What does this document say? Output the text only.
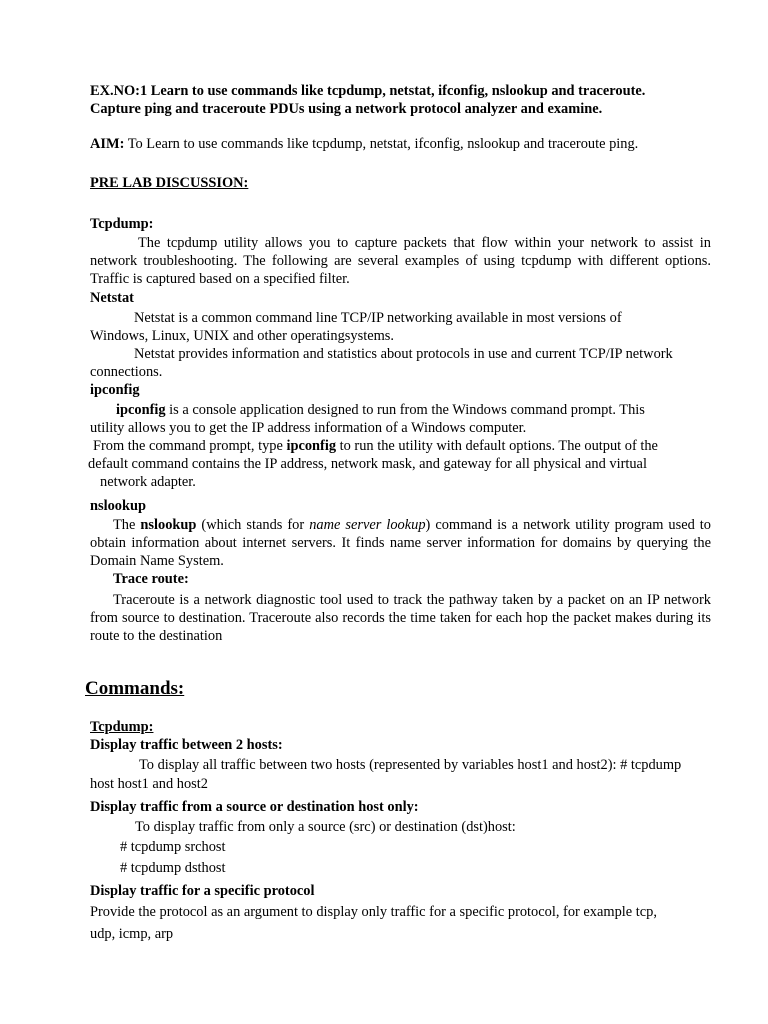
EX.NO:1 Learn to use commands like tcpdump, netstat, ifconfig, nslookup and traceroute.
Capture ping and traceroute PDUs using a network protocol analyzer and examine.
AIM: To Learn to use commands like tcpdump, netstat, ifconfig, nslookup and traceroute ping.
PRE LAB DISCUSSION:
Tcpdump:
The tcpdump utility allows you to capture packets that flow within your network to assist in network troubleshooting. The following are several examples of using tcpdump with different options. Traffic is captured based on a specified filter.
Netstat
Netstat is a common command line TCP/IP networking available in most versions of
Windows, Linux, UNIX and other operatingsystems.
Netstat provides information and statistics about protocols in use and current TCP/IP network
connections.
ipconfig
ipconfig is a console application designed to run from the Windows command prompt. This
utility allows you to get the IP address information of a Windows computer.
From the command prompt, type ipconfig to run the utility with default options. The output of the
default command contains the IP address, network mask, and gateway for all physical and virtual
network adapter.
nslookup
The nslookup (which stands for name server lookup) command is a network utility program used to obtain information about internet servers. It finds name server information for domains by querying the Domain Name System.
Trace route:
Traceroute is a network diagnostic tool used to track the pathway taken by a packet on an IP network from source to destination. Traceroute also records the time taken for each hop the packet makes during its route to the destination
Commands:
Tcpdump:
Display traffic between 2 hosts:
To display all traffic between two hosts (represented by variables host1 and host2): # tcpdump
host host1 and host2
Display traffic from a source or destination host only:
To display traffic from only a source (src) or destination (dst)host:
# tcpdump srchost
# tcpdump dsthost
Display traffic for a specific protocol
Provide the protocol as an argument to display only traffic for a specific protocol, for example tcp,
udp, icmp, arp
